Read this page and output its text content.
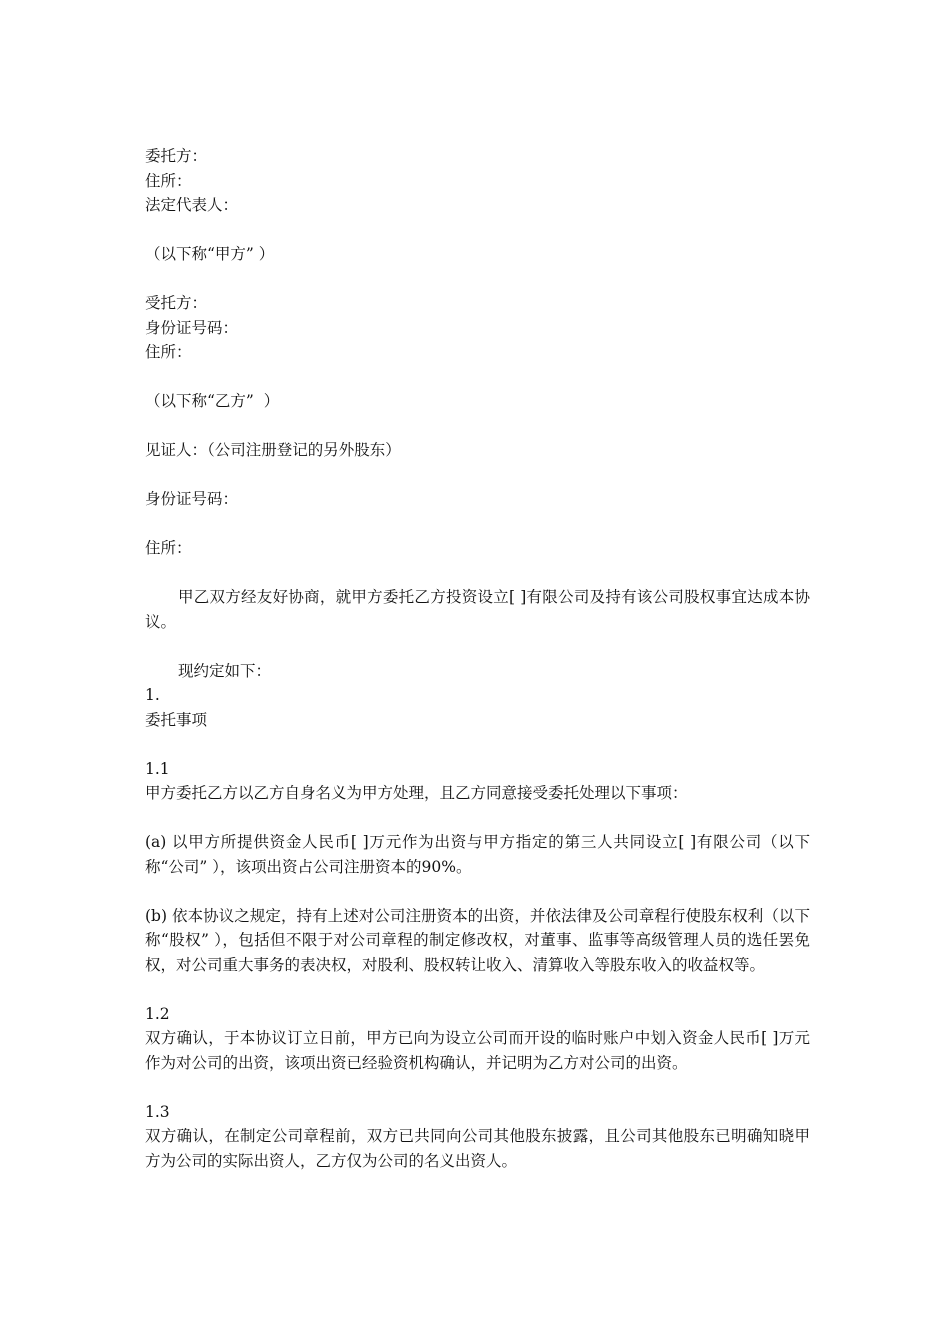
委托方：

住所：

法定代表人：

（以下称“甲方” ）

受托方：

身份证号码：

住所：

（以下称“乙方”  ）

见证人：（公司注册登记的另外股东）

身份证号码：

住所：

甲乙双方经友好协商，就甲方委托乙方投资设立[ ]有限公司及持有该公司股权事宜达成本协议。

现约定如下：

1.

委托事项

1.1

甲方委托乙方以乙方自身名义为甲方处理，且乙方同意接受委托处理以下事项：

(a) 以甲方所提供资金人民币[ ]万元作为出资与甲方指定的第三人共同设立[ ]有限公司（以下称“公司” ），该项出资占公司注册资本的90%。

(b) 依本协议之规定，持有上述对公司注册资本的出资，并依法律及公司章程行使股东权利（以下称“股权” ），包括但不限于对公司章程的制定修改权，对董事、监事等高级管理人员的选任罢免权，对公司重大事务的表决权，对股利、股权转让收入、清算收入等股东收入的收益权等。

1.2

双方确认，于本协议订立日前，甲方已向为设立公司而开设的临时账户中划入资金人民币[ ]万元作为对公司的出资，该项出资已经验资机构确认，并记明为乙方对公司的出资。

1.3

双方确认，在制定公司章程前，双方已共同向公司其他股东披露，且公司其他股东已明确知晓甲方为公司的实际出资人，乙方仅为公司的名义出资人。
